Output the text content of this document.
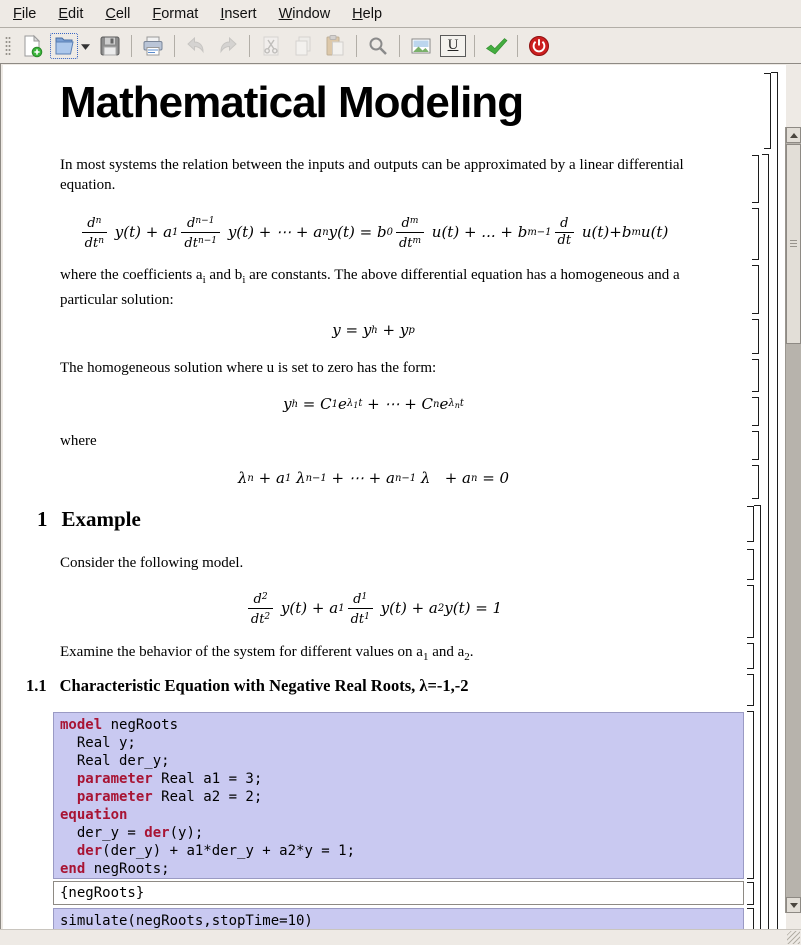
File	Edit	Cell	Format	Insert	Window	Help
U
Mathematical Modeling
In most systems the relation between the inputs and outputs can be approximated by a linear differential equation.
$d^n$
$dt^n$ y(t) + a 1
$d^{n-1}$
$dt^{n-1}$ y(t) + ⋯ + a n y(t) = b 0
$d^m$
$dt^m$ u(t) + ... + b m−1
d
dt u(t)+b m u(t)
where the coefficients $a_i$ and $b_i$ are constants. The above differential equation has a homogeneous and a particular solution:
y = y h + y p
The homogeneous solution where u is set to zero has the form:
y h = C 1 e $\lambda_1t$ + ⋯ + C n e $\lambda_nt$
where
λ n + a 1 λ n−1 + ⋯ + a n−1 λ   + a n = 0
1 Example
Consider the following model.
$d^2$
$dt^2$ y(t) + a 1
$d^1$
$dt^1$ y(t) + a 2 y(t) = 1
Examine the behavior of the system for different values on $a_1$ and $a_2$.
1.1 Characteristic Equation with Negative Real Roots, λ=-1,-2
model negRoots
Real y;
Real der_y;
parameter Real a1 = 3;
parameter Real a2 = 2;
equation
der_y = der(y);
der(der_y) + a1*der_y + a2*y = 1;
end negRoots;
{negRoots}
simulate(negRoots,stopTime=10)
